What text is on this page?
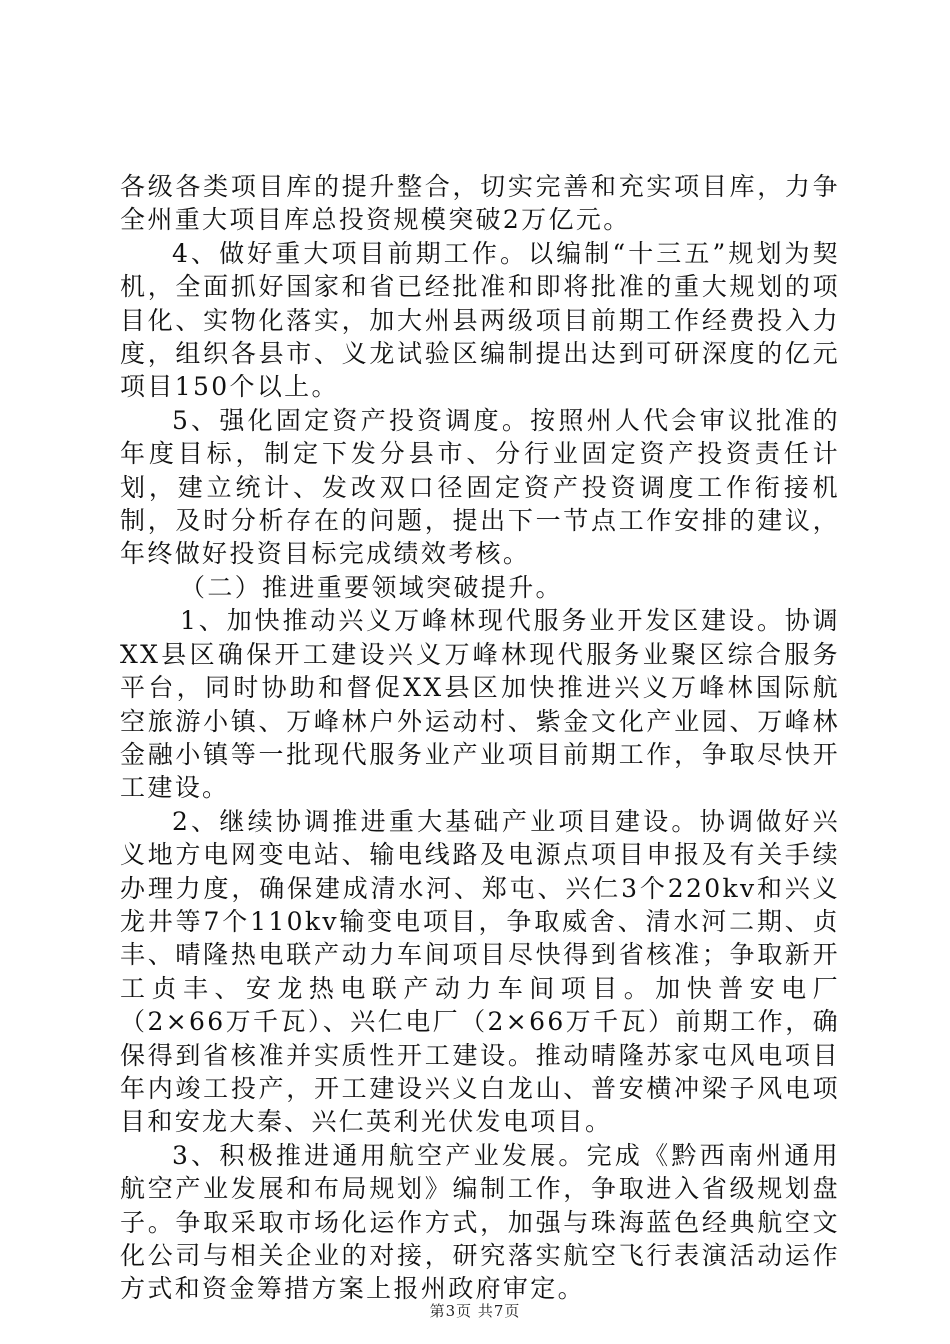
各级各类项目库的提升整合，切实完善和充实项目库，力争全州重大项目库总投资规模突破2万亿元。

4、做好重大项目前期工作。以编制“十三五”规划为契机，全面抓好国家和省已经批准和即将批准的重大规划的项目化、实物化落实，加大州县两级项目前期工作经费投入力度，组织各县市、义龙试验区编制提出达到可研深度的亿元项目150个以上。

5、强化固定资产投资调度。按照州人代会审议批准的年度目标，制定下发分县市、分行业固定资产投资责任计划，建立统计、发改双口径固定资产投资调度工作衔接机制，及时分析存在的问题，提出下一节点工作安排的建议，年终做好投资目标完成绩效考核。

（二）推进重要领域突破提升。

1、加快推动兴义万峰林现代服务业开发区建设。协调XX县区确保开工建设兴义万峰林现代服务业聚区综合服务平台，同时协助和督促XX县区加快推进兴义万峰林国际航空旅游小镇、万峰林户外运动村、紫金文化产业园、万峰林金融小镇等一批现代服务业产业项目前期工作，争取尽快开工建设。

2、继续协调推进重大基础产业项目建设。协调做好兴义地方电网变电站、输电线路及电源点项目申报及有关手续办理力度，确保建成清水河、郑屯、兴仁3个220kv和兴义龙井等7个110kv输变电项目，争取威舍、清水河二期、贞丰、晴隆热电联产动力车间项目尽快得到省核准；争取新开工贞丰、安龙热电联产动力车间项目。加快普安电厂（2×66万千瓦）、兴仁电厂（2×66万千瓦）前期工作，确保得到省核准并实质性开工建设。推动晴隆苏家屯风电项目年内竣工投产，开工建设兴义白龙山、普安横冲梁子风电项目和安龙大秦、兴仁英利光伏发电项目。

3、积极推进通用航空产业发展。完成《黔西南州通用航空产业发展和布局规划》编制工作，争取进入省级规划盘子。争取采取市场化运作方式，加强与珠海蓝色经典航空文化公司与相关企业的对接，研究落实航空飞行表演活动运作方式和资金筹措方案上报州政府审定。

第3页 共7页
